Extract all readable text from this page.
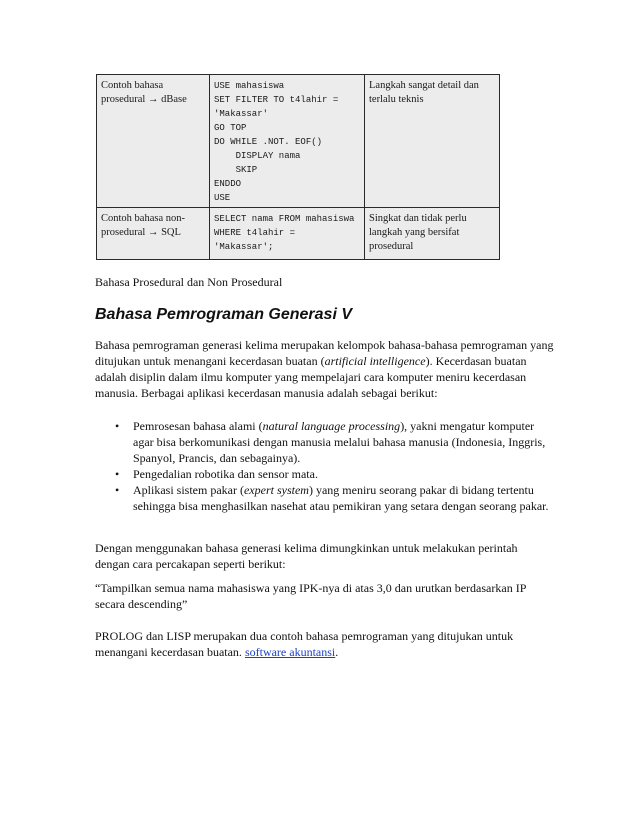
Contoh bahasa prosedural → dBase
USE mahasiswa
SET FILTER TO t4lahir =
'Makassar'
GO TOP
DO WHILE .NOT. EOF()
DISPLAY nama
SKIP
ENDDO
USE
Langkah sangat detail dan terlalu teknis
Contoh bahasa non-prosedural → SQL
SELECT nama FROM mahasiswa
WHERE t4lahir =
'Makassar';
Singkat dan tidak perlu langkah yang bersifat prosedural
Bahasa Prosedural dan Non Prosedural
Bahasa Pemrograman Generasi V
Bahasa pemrograman generasi kelima merupakan kelompok bahasa-bahasa pemrograman yang ditujukan untuk menangani kecerdasan buatan (artificial intelligence). Kecerdasan buatan adalah disiplin dalam ilmu komputer yang mempelajari cara komputer meniru kecerdasan manusia. Berbagai aplikasi kecerdasan manusia adalah sebagai berikut:
• Pemrosesan bahasa alami (natural language processing), yakni mengatur komputer agar bisa berkomunikasi dengan manusia melalui bahasa manusia (Indonesia, Inggris, Spanyol, Prancis, dan sebagainya).
• Pengedalian robotika dan sensor mata.
• Aplikasi sistem pakar (expert system) yang meniru seorang pakar di bidang tertentu sehingga bisa menghasilkan nasehat atau pemikiran yang setara dengan seorang pakar.
Dengan menggunakan bahasa generasi kelima dimungkinkan untuk melakukan perintah dengan cara percakapan seperti berikut:
“Tampilkan semua nama mahasiswa yang IPK-nya di atas 3,0 dan urutkan berdasarkan IP secara descending”
PROLOG dan LISP merupakan dua contoh bahasa pemrograman yang ditujukan untuk menangani kecerdasan buatan. software akuntansi.
